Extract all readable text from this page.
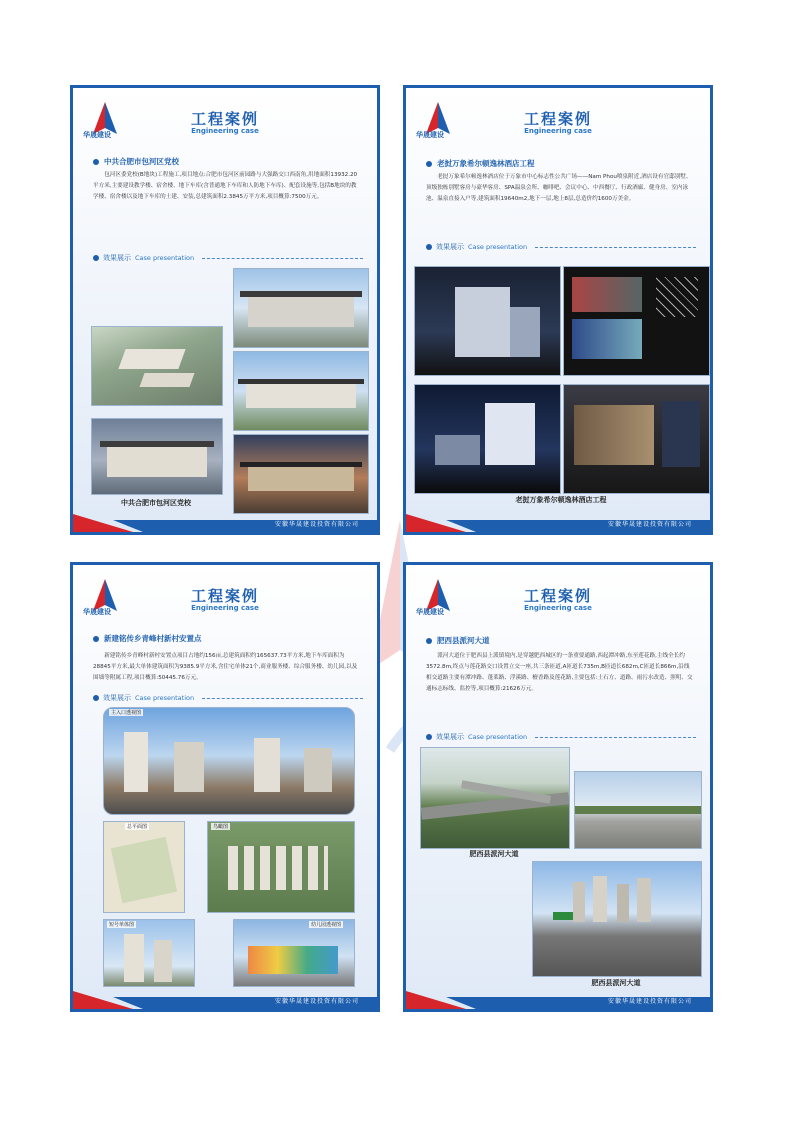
华晟建设
工程案例
Engineering case
中共合肥市包河区党校
包河区委党校(B地块)工程施工,项目地点:合肥市包河区前园路与大强路交口西南角,用地面积13932.20平方米,主要建设教学楼、宿舍楼、地下车库(含普通地下车库和人防地下车库)、配套设施等,包括B地块的教学楼、宿舍楼以及地下车库的土建、安装,总建筑面积2.3845万平方米,项目概算:7500万元。
效果展示 Case presentation
中共合肥市包河区党校
安徽华晟建设投资有限公司
华晟建设
工程案例
Engineering case
老挝万象希尔顿逸林酒店工程
老挝万象希尔顿逸林酒店位于万象市中心标志性公共广场——Nam Phou喷泉附近,酒店设有官邸别墅、顶级独栋别墅客房与豪华客房、SPA温泉会所、咖啡吧、会议中心、中西餐厅、行政酒廊、健身房、室内泳池、温泉直接入户等,建筑面积19640m2,地下一层,地上8层,总造价约1600万美金。
效果展示 Case presentation
老挝万象希尔顿逸林酒店工程
安徽华晟建设投资有限公司
华晟建设
工程案例
Engineering case
新建铭传乡青峰村新村安置点
新建铭传乡青峰村新村安置点项目占地约156亩,总建筑面积约165637.73平方米,地下车库面积为28845平方米,最大单体建筑面积为9385.9平方米,含住宅单体21个,商业服务楼、综合服务楼、幼儿园,以及围墙等附属工程,项目概算:50445.76万元。
效果展示 Case presentation
主入口透视图
总平面图	鸟瞰图
短号单体图	幼儿园透视图
安徽华晟建设投资有限公司
华晟建设
工程案例
Engineering case
肥西县派河大道
派河大道位于肥西县上派镇境内,是穿越肥西城区的一条重要通路,西起潭冲路,东至莲花路,主线全长约3572.8m,终点与莲花路交口设置立交一座,共三条匝道,A匝道长735m,B匝道长682m,C匝道长866m,沿线相交道路主要有潭冲路、蓬莱路、浮溪路、檀香路及莲花路,主要包括:土石方、道路、雨污水改造、照明、交通标志标线、监控等,项目概算:21626万元。
效果展示 Case presentation
肥西县派河大道
肥西县派河大道
安徽华晟建设投资有限公司
